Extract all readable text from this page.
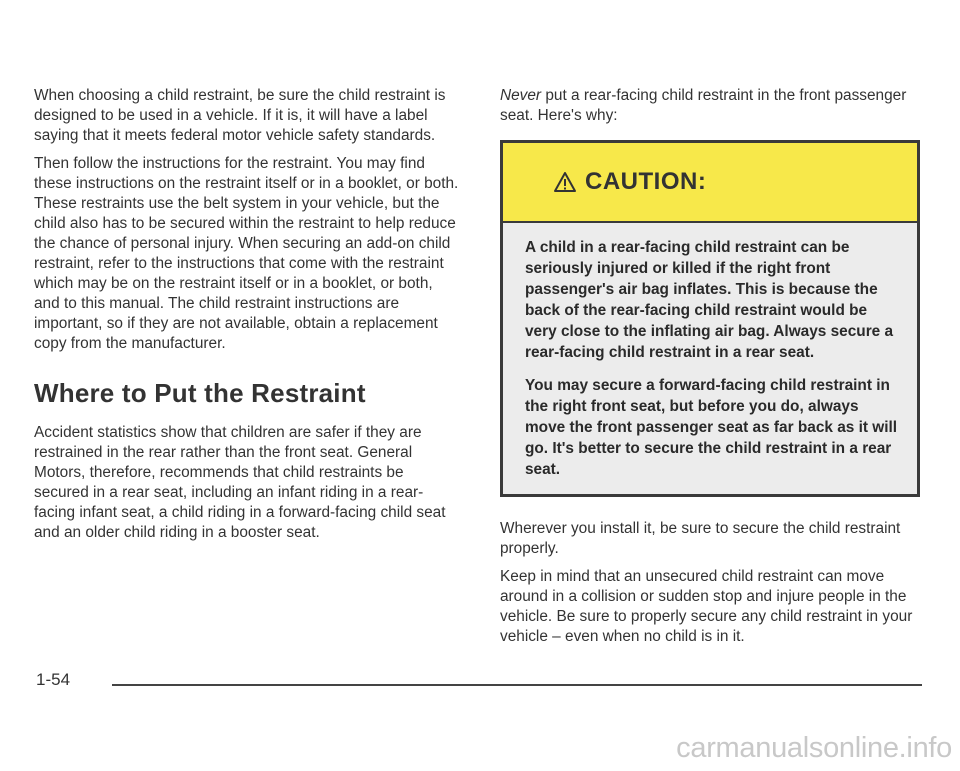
When choosing a child restraint, be sure the child restraint is designed to be used in a vehicle. If it is, it will have a label saying that it meets federal motor vehicle safety standards.

Then follow the instructions for the restraint. You may find these instructions on the restraint itself or in a booklet, or both. These restraints use the belt system in your vehicle, but the child also has to be secured within the restraint to help reduce the chance of personal injury. When securing an add-on child restraint, refer to the instructions that come with the restraint which may be on the restraint itself or in a booklet, or both, and to this manual. The child restraint instructions are important, so if they are not available, obtain a replacement copy from the manufacturer.

Where to Put the Restraint

Accident statistics show that children are safer if they are restrained in the rear rather than the front seat. General Motors, therefore, recommends that child restraints be secured in a rear seat, including an infant riding in a rear-facing infant seat, a child riding in a forward-facing child seat and an older child riding in a booster seat.

Never put a rear-facing child restraint in the front passenger seat. Here's why:

CAUTION:

A child in a rear-facing child restraint can be seriously injured or killed if the right front passenger's air bag inflates. This is because the back of the rear-facing child restraint would be very close to the inflating air bag. Always secure a rear-facing child restraint in a rear seat.

You may secure a forward-facing child restraint in the right front seat, but before you do, always move the front passenger seat as far back as it will go. It's better to secure the child restraint in a rear seat.

Wherever you install it, be sure to secure the child restraint properly.

Keep in mind that an unsecured child restraint can move around in a collision or sudden stop and injure people in the vehicle. Be sure to properly secure any child restraint in your vehicle – even when no child is in it.

1-54
carmanualsonline.info
